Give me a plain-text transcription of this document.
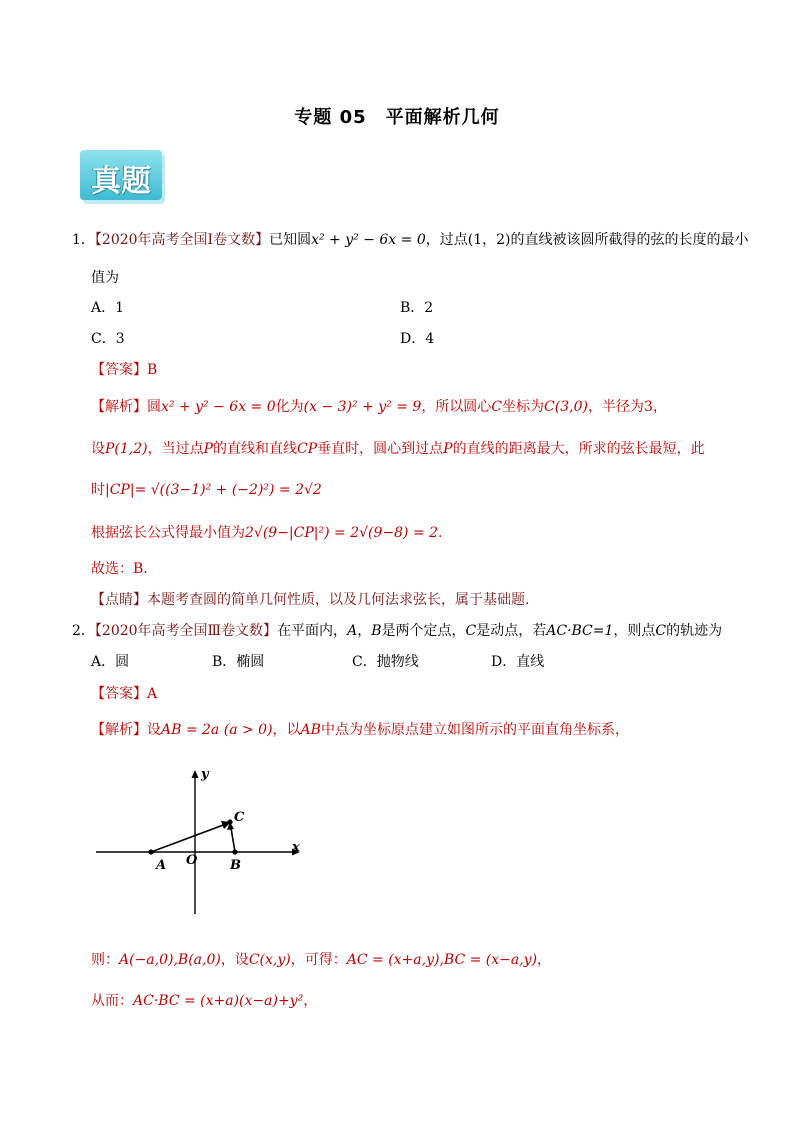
专题 05　平面解析几何
真题
1．【2020年高考全国Ⅰ卷文数】已知圆x² + y² − 6x = 0，过点(1，2)的直线被该圆所截得的弦的长度的最小
值为
A．1	B．2
C．3	D．4
【答案】B
【解析】圆x² + y² − 6x = 0化为(x − 3)² + y² = 9，所以圆心C坐标为C(3,0)，半径为3，
设P(1,2)，当过点P的直线和直线CP垂直时，圆心到过点P的直线的距离最大，所求的弦长最短，此
时|CP|= √((3−1)² + (−2)²) = 2√2
根据弦长公式得最小值为2√(9−|CP|²) = 2√(9−8) = 2.
故选：B．
【点睛】本题考查圆的简单几何性质，以及几何法求弦长，属于基础题.
2．【2020年高考全国Ⅲ卷文数】在平面内，A，B是两个定点，C是动点，若AC·BC=1，则点C的轨迹为
A．圆	B．椭圆	C．抛物线	D．直线
【答案】A
【解析】设AB = 2a (a > 0)，以AB中点为坐标原点建立如图所示的平面直角坐标系，
y
x
A O	B
C
则：A(−a,0),B(a,0)，设C(x,y)，可得：AC = (x+a,y),BC = (x−a,y)，
从而：AC·BC = (x+a)(x−a)+y²，
